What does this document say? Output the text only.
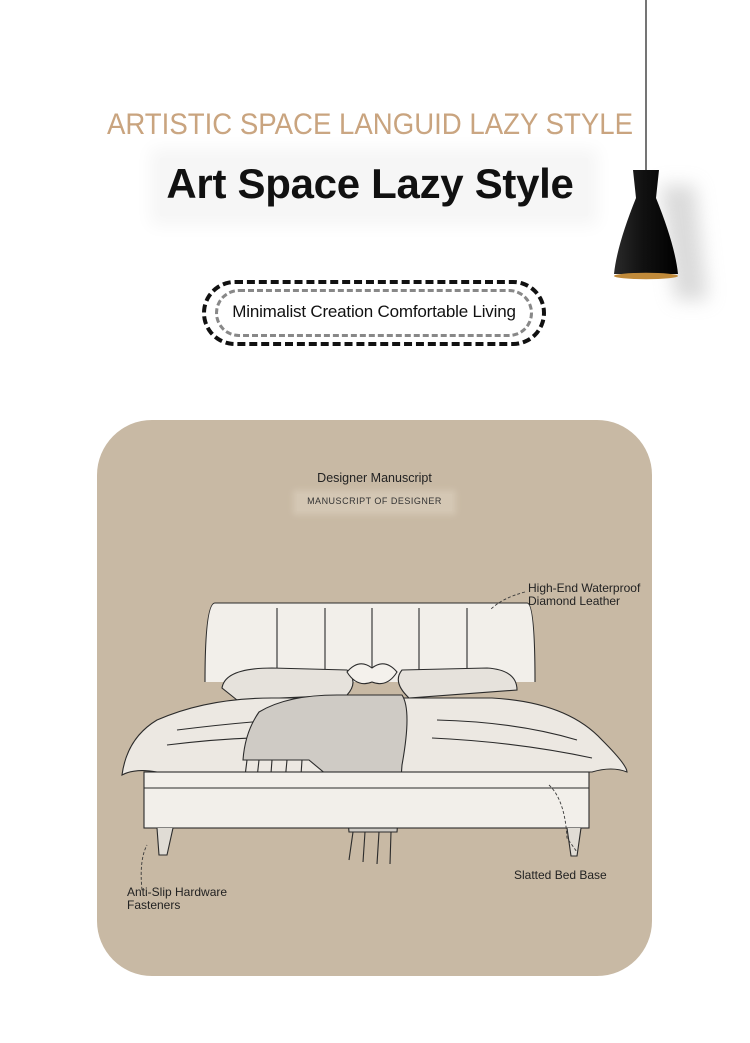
ARTISTIC SPACE LANGUID LAZY STYLE
Art Space Lazy Style
Minimalist Creation Comfortable Living
Designer Manuscript
MANUSCRIPT OF DESIGNER
High-End Waterproof
Diamond Leather
Slatted Bed Base
Anti-Slip Hardware
Fasteners
